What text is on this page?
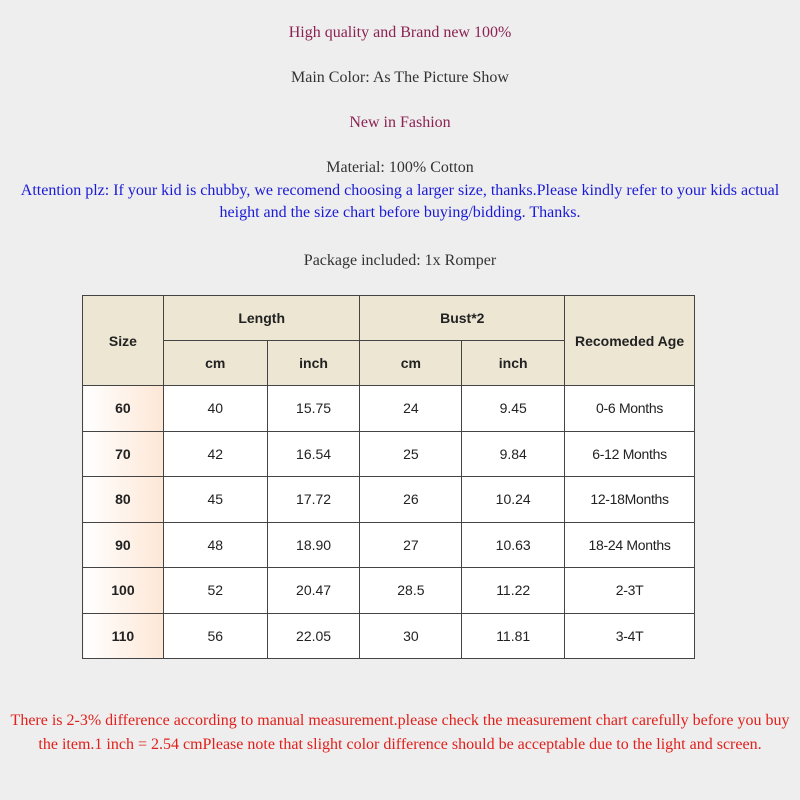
High quality and Brand new 100%
Main Color: As The Picture Show
New in Fashion
Material: 100% Cotton
Attention plz: If your kid is chubby, we recomend choosing a larger size, thanks.Please kindly refer to your kids actual height and the size chart before buying/bidding. Thanks.
Package included: 1x Romper
Size	Length		Bust*2		Recomeded Age
	cm	inch	cm	inch	
60	40	15.75	24	9.45	0-6 Months
70	42	16.54	25	9.84	6-12 Months
80	45	17.72	26	10.24	12-18Months
90	48	18.90	27	10.63	18-24 Months
100	52	20.47	28.5	11.22	2-3T
110	56	22.05	30	11.81	3-4T
There is 2-3% difference according to manual measurement.please check the measurement chart carefully before you buy the item.1 inch = 2.54 cmPlease note that slight color difference should be acceptable due to the light and screen.
